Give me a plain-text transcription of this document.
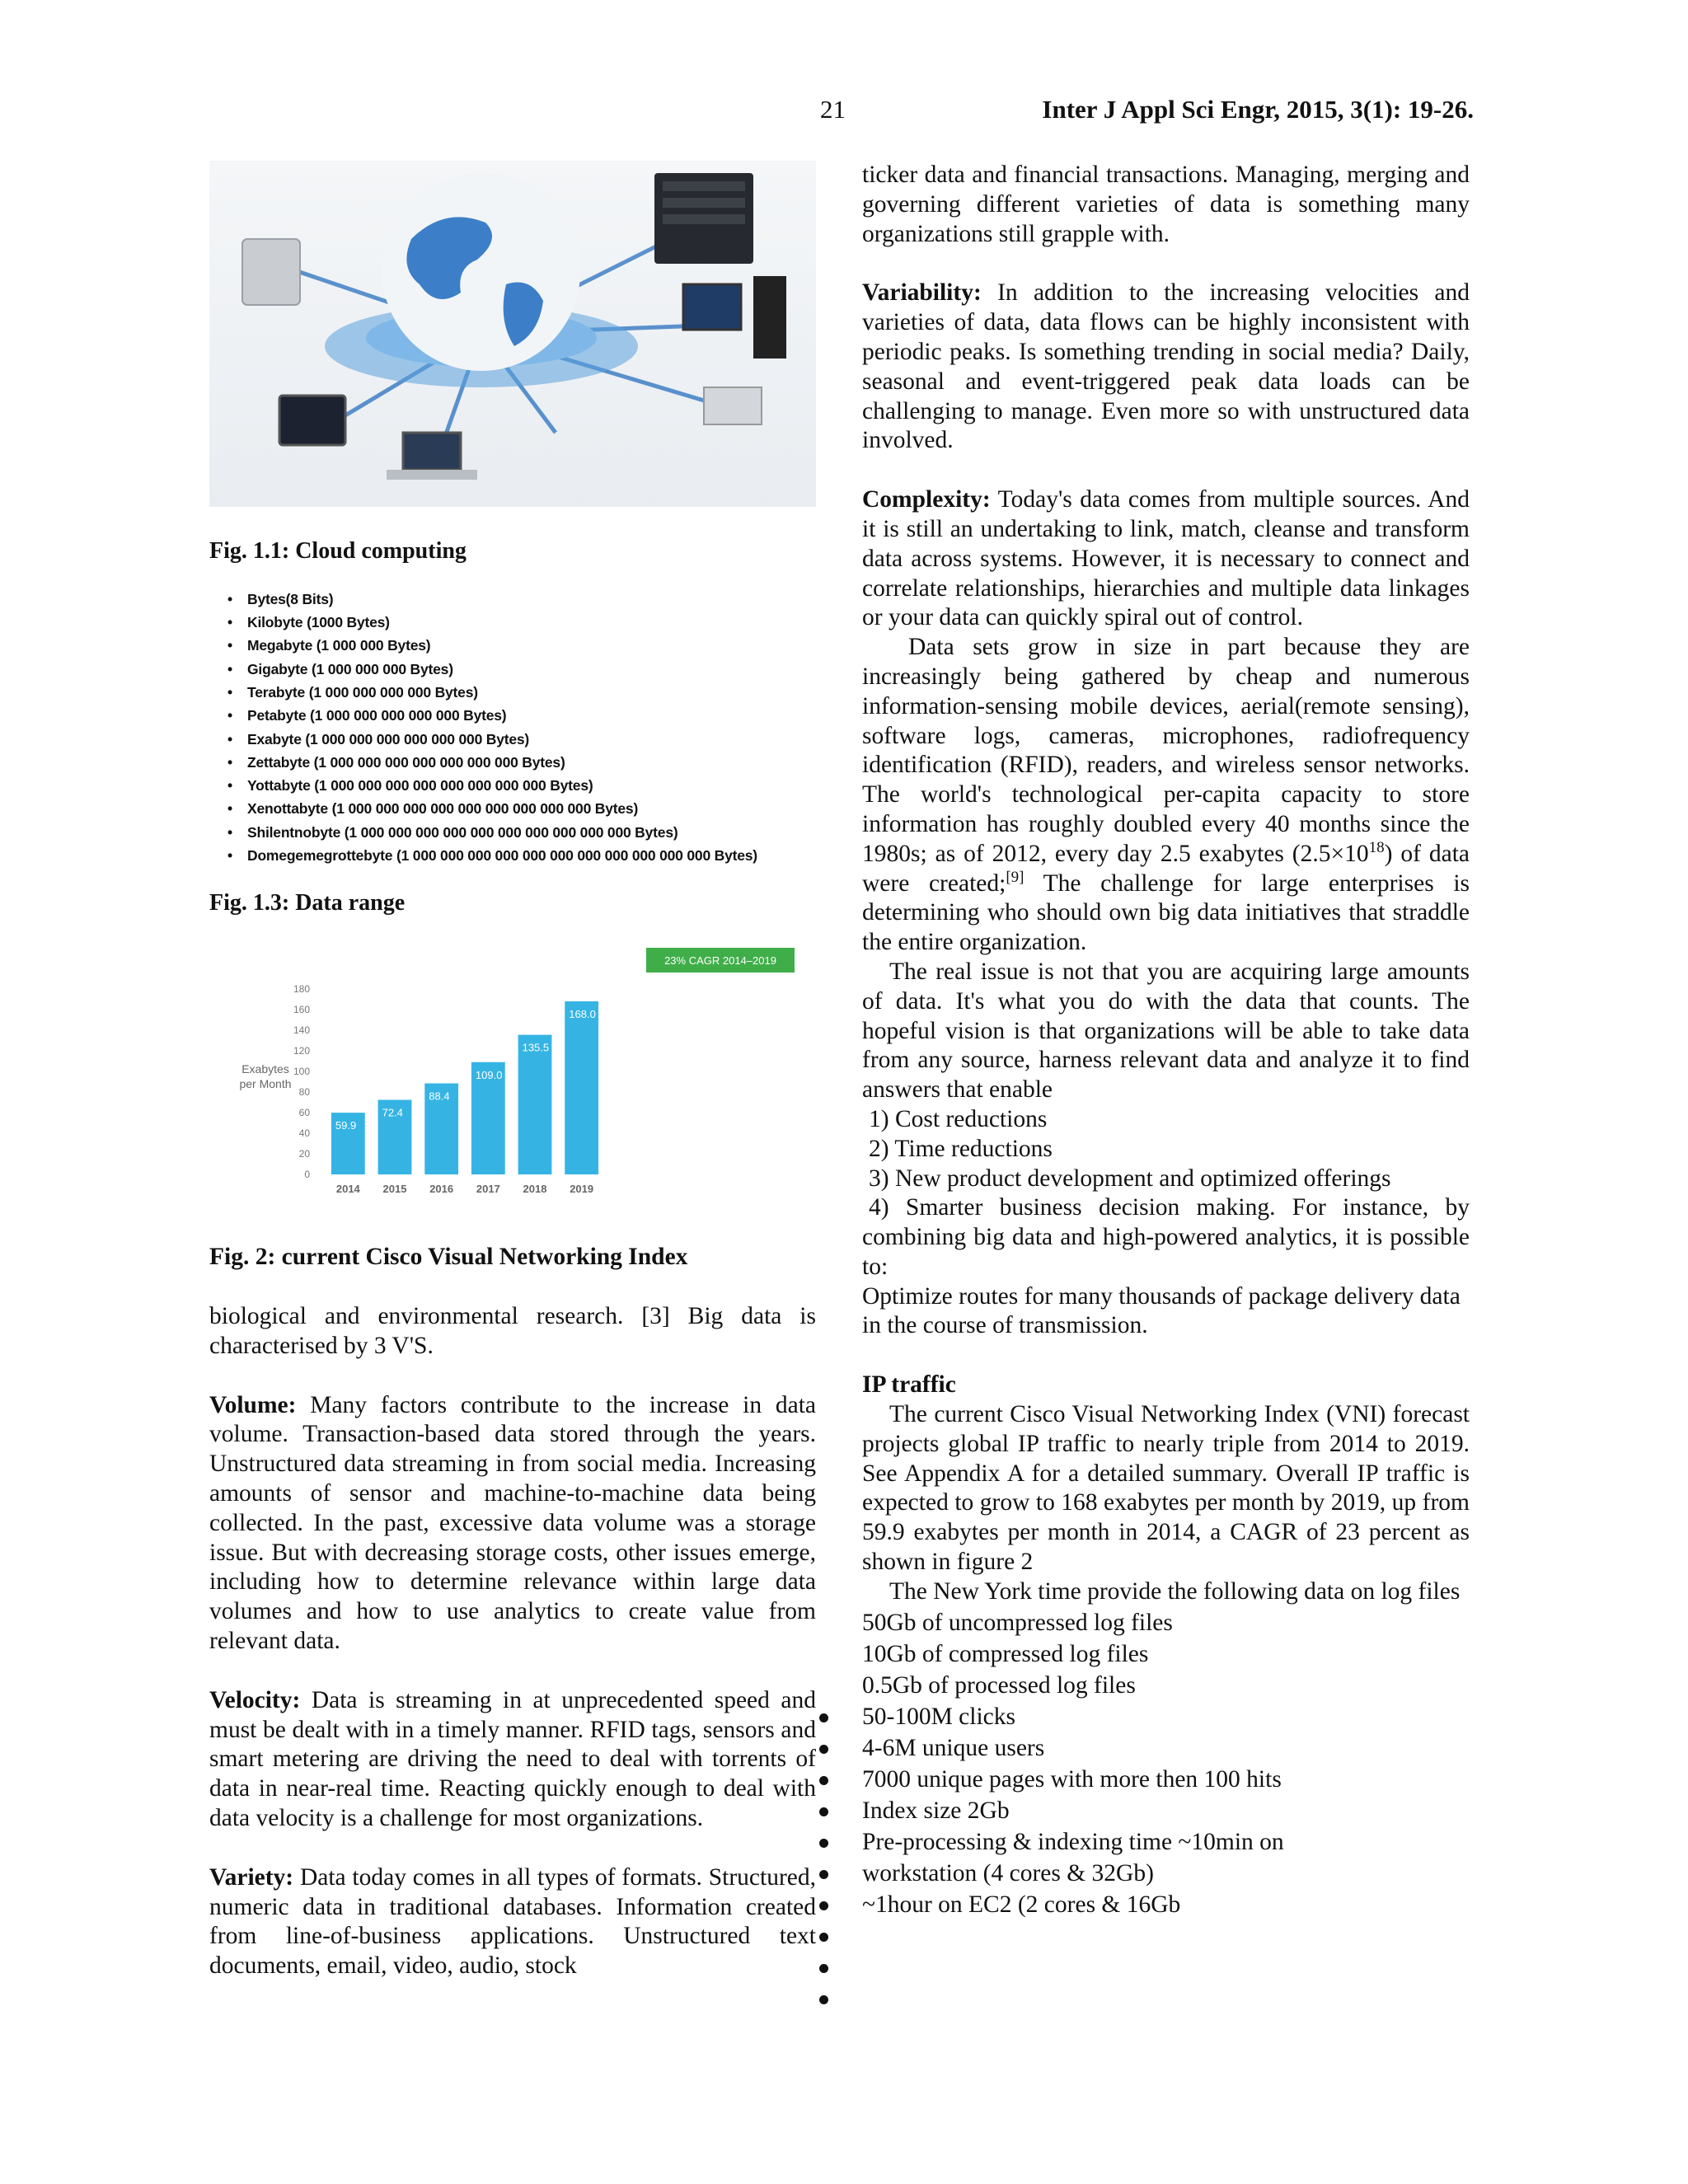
21	Inter J Appl Sci Engr, 2015, 3(1): 19-26.

Fig. 1.1: Cloud computing

• Bytes(8 Bits)
• Kilobyte (1000 Bytes)
• Megabyte (1 000 000 Bytes)
• Gigabyte (1 000 000 000 Bytes)
• Terabyte (1 000 000 000 000 Bytes)
• Petabyte (1 000 000 000 000 000 Bytes)
• Exabyte (1 000 000 000 000 000 000 Bytes)
• Zettabyte (1 000 000 000 000 000 000 000 Bytes)
• Yottabyte (1 000 000 000 000 000 000 000 000 Bytes)
• Xenottabyte (1 000 000 000 000 000 000 000 000 000 Bytes)
• Shilentnobyte (1 000 000 000 000 000 000 000 000 000 000 Bytes)
• Domegemegrottebyte (1 000 000 000 000 000 000 000 000 000 000 000 Bytes)

Fig. 1.3: Data range

0
20
40
60
80
100
120
140
160
180
59.9
72.4
88.4
109.0
135.5
168.0
2014 2015 2016 2017 2018 2019
Exabytes
per Month
23% CAGR 2014–2019

Fig. 2: current Cisco Visual Networking Index

biological and environmental research. [3] Big data is characterised by 3 V'S.

Volume: Many factors contribute to the increase in data volume. Transaction-based data stored through the years. Unstructured data streaming in from social media. Increasing amounts of sensor and machine-to-machine data being collected. In the past, excessive data volume was a storage issue. But with decreasing storage costs, other issues emerge, including how to determine relevance within large data volumes and how to use analytics to create value from relevant data.

Velocity: Data is streaming in at unprecedented speed and must be dealt with in a timely manner. RFID tags, sensors and smart metering are driving the need to deal with torrents of data in near-real time. Reacting quickly enough to deal with data velocity is a challenge for most organizations.

Variety: Data today comes in all types of formats. Structured, numeric data in traditional databases. Information created from line-of-business applications. Unstructured text documents, email, video, audio, stock

ticker data and financial transactions. Managing, merging and governing different varieties of data is something many organizations still grapple with.

Variability: In addition to the increasing velocities and varieties of data, data flows can be highly inconsistent with periodic peaks. Is something trending in social media? Daily, seasonal and event-triggered peak data loads can be challenging to manage. Even more so with unstructured data involved.

Complexity: Today's data comes from multiple sources. And it is still an undertaking to link, match, cleanse and transform data across systems. However, it is necessary to connect and correlate relationships, hierarchies and multiple data linkages or your data can quickly spiral out of control.

Data sets grow in size in part because they are increasingly being gathered by cheap and numerous information-sensing mobile devices, aerial(remote sensing), software logs, cameras, microphones, radiofrequency identification (RFID), readers, and wireless sensor networks. The world's technological per-capita capacity to store information has roughly doubled every 40 months since the 1980s; as of 2012, every day 2.5 exabytes $(2.5\times 10^{18})$ of data were created;[9] The challenge for large enterprises is determining who should own big data initiatives that straddle the entire organization.

The real issue is not that you are acquiring large amounts of data. It's what you do with the data that counts. The hopeful vision is that organizations will be able to take data from any source, harness relevant data and analyze it to find answers that enable

1) Cost reductions

2) Time reductions

3) New product development and optimized offerings

4) Smarter business decision making. For instance, by combining big data and high-powered analytics, it is possible to:

Optimize routes for many thousands of package delivery data in the course of transmission.

IP traffic

The current Cisco Visual Networking Index (VNI) forecast projects global IP traffic to nearly triple from 2014 to 2019. See Appendix A for a detailed summary. Overall IP traffic is expected to grow to 168 exabytes per month by 2019, up from 59.9 exabytes per month in 2014, a CAGR of 23 percent as shown in figure 2

The New York time provide the following data on log files

50Gb of uncompressed log files
10Gb of compressed log files
0.5Gb of processed log files
50-100M clicks
4-6M unique users
7000 unique pages with more then 100 hits
Index size 2Gb
Pre-processing & indexing time ~10min on
workstation (4 cores & 32Gb)
~1hour on EC2 (2 cores & 16Gb
